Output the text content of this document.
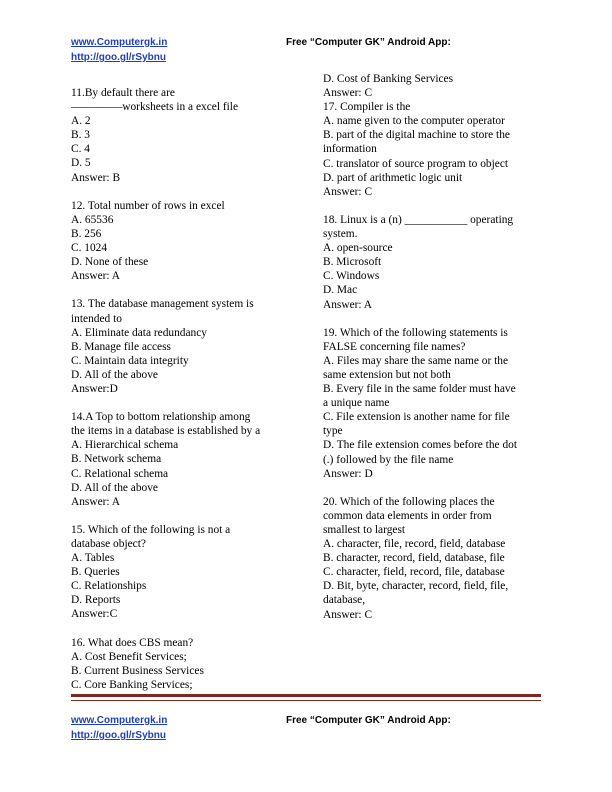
www.Computergk.in
http://goo.gl/rSybnu
Free “Computer GK” Android App:
11.By default there are
————–worksheets in a excel file
A. 2
B. 3
C. 4
D. 5
Answer: B
12. Total number of rows in excel
A. 65536
B. 256
C. 1024
D. None of these
Answer: A
13. The database management system is
intended to
A. Eliminate data redundancy
B. Manage file access
C. Maintain data integrity
D. All of the above
Answer:D
14.A Top to bottom relationship among
the items in a database is established by a
A. Hierarchical schema
B. Network schema
C. Relational schema
D. All of the above
Answer: A
15. Which of the following is not a
database object?
A. Tables
B. Queries
C. Relationships
D. Reports
Answer:C
16. What does CBS mean?
A. Cost Benefit Services;
B. Current Business Services
C. Core Banking Services;
D. Cost of Banking Services
Answer: C
17. Compiler is the
A. name given to the computer operator
B. part of the digital machine to store the
information
C. translator of source program to object
D. part of arithmetic logic unit
Answer: C
18. Linux is a (n) ___________ operating
system.
A. open-source
B. Microsoft
C. Windows
D. Mac
Answer: A
19. Which of the following statements is
FALSE concerning file names?
A. Files may share the same name or the
same extension but not both
B. Every file in the same folder must have
a unique name
C. File extension is another name for file
type
D. The file extension comes before the dot
(.) followed by the file name
Answer: D
20. Which of the following places the
common data elements in order from
smallest to largest
A. character, file, record, field, database
B. character, record, field, database, file
C. character, field, record, file, database
D. Bit, byte, character, record, field, file,
database,
Answer: C
www.Computergk.in
http://goo.gl/rSybnu
Free “Computer GK” Android App:
